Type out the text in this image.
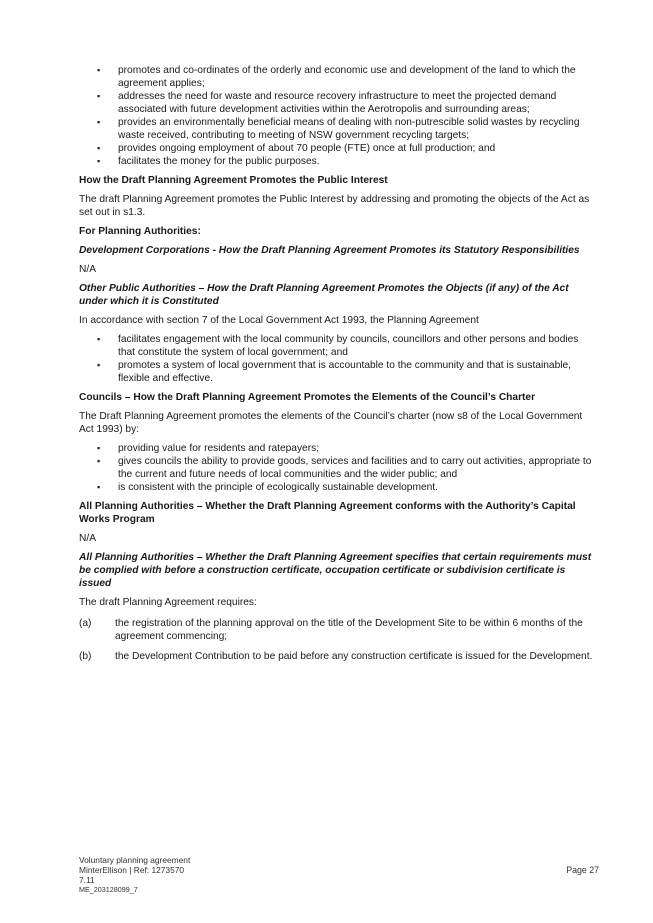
▪ promotes and co-ordinates of the orderly and economic use and development of the land to which the agreement applies;
▪ addresses the need for waste and resource recovery infrastructure to meet the projected demand associated with future development activities within the Aerotropolis and surrounding areas;
▪ provides an environmentally beneficial means of dealing with non-putrescible solid wastes by recycling waste received, contributing to meeting of NSW government recycling targets;
▪ provides ongoing employment of about 70 people (FTE) once at full production; and
▪ facilitates the money for the public purposes.

How the Draft Planning Agreement Promotes the Public Interest

The draft Planning Agreement promotes the Public Interest by addressing and promoting the objects of the Act as set out in s1.3.

For Planning Authorities:

Development Corporations - How the Draft Planning Agreement Promotes its Statutory Responsibilities

N/A

Other Public Authorities – How the Draft Planning Agreement Promotes the Objects (if any) of the Act under which it is Constituted

In accordance with section 7 of the Local Government Act 1993, the Planning Agreement

▪ facilitates engagement with the local community by councils, councillors and other persons and bodies that constitute the system of local government; and
▪ promotes a system of local government that is accountable to the community and that is sustainable, flexible and effective.

Councils – How the Draft Planning Agreement Promotes the Elements of the Council’s Charter

The Draft Planning Agreement promotes the elements of the Council’s charter (now s8 of the Local Government Act 1993) by:

▪ providing value for residents and ratepayers;
▪ gives councils the ability to provide goods, services and facilities and to carry out activities, appropriate to the current and future needs of local communities and the wider public; and
▪ is consistent with the principle of ecologically sustainable development.

All Planning Authorities – Whether the Draft Planning Agreement conforms with the Authority’s Capital Works Program

N/A

All Planning Authorities – Whether the Draft Planning Agreement specifies that certain requirements must be complied with before a construction certificate, occupation certificate or subdivision certificate is issued

The draft Planning Agreement requires:

(a)	the registration of the planning approval on the title of the Development Site to be within 6 months of the agreement commencing;
(b)	the Development Contribution to be paid before any construction certificate is issued for the Development.
Voluntary planning agreement
MinterEllison | Ref: 1273570
7.11
ME_203128099_7
Page 27
